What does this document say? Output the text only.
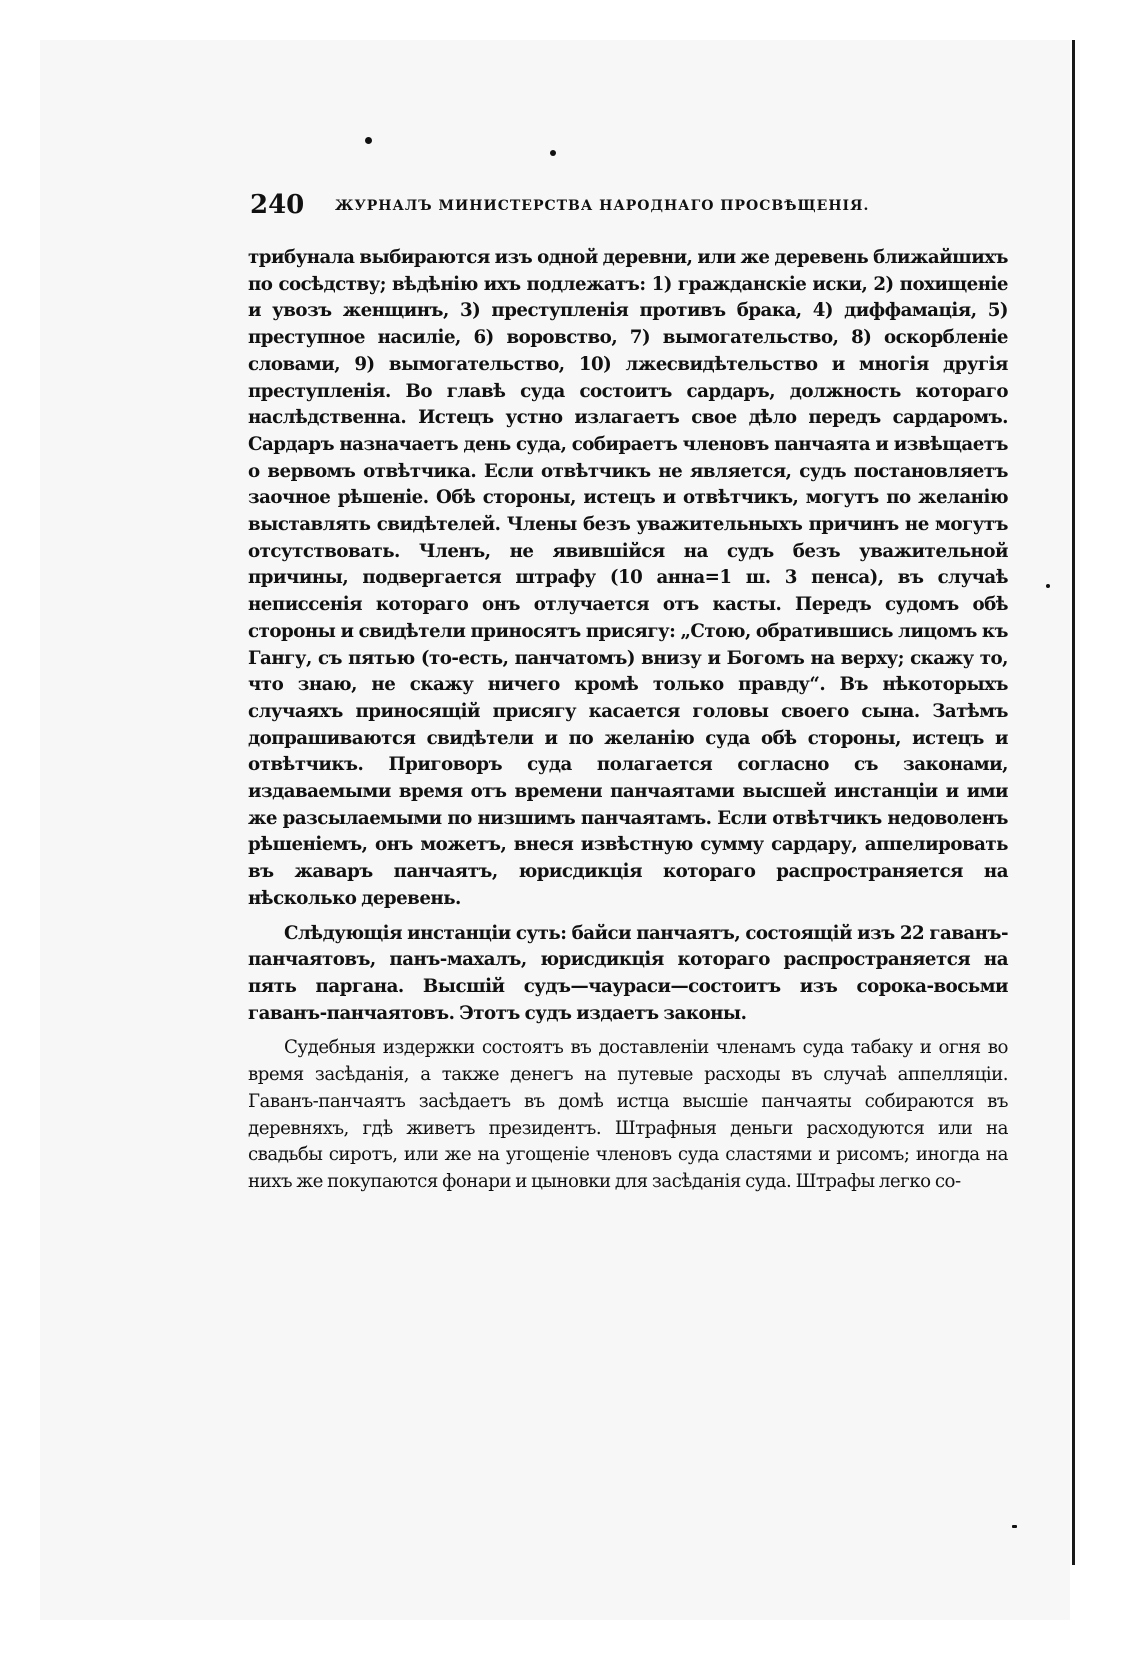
240 ЖУРНАЛЪ МИНИСТЕРСТВА НАРОДНАГО ПРОСВѢЩЕНІЯ.

трибунала выбираются изъ одной деревни, или же деревень ближайшихъ по сосѣдству; вѣдѣнію ихъ подлежатъ: 1) гражданскіе иски, 2) похищеніе и увозъ женщинъ, 3) преступленія противъ брака, 4) диффамація, 5) преступное насиліе, 6) воровство, 7) вымогательство, 8) оскорбленіе словами, 9) вымогательство, 10) лжесвидѣтельство и многія другія преступленія. Во главѣ суда состоитъ сардаръ, должность котораго наслѣдственна. Истецъ устно излагаетъ свое дѣло передъ сардаромъ. Сардаръ назначаетъ день суда, собираетъ членовъ панчаята и извѣщаетъ о вервомъ отвѣтчика. Если отвѣтчикъ не является, судъ постановляетъ заочное рѣшеніе. Обѣ стороны, истецъ и отвѣтчикъ, могутъ по желанію выставлять свидѣтелей. Члены безъ уважительныхъ причинъ не могутъ отсутствовать. Членъ, не явившійся на судъ безъ уважительной причины, подвергается штрафу (10 анна=1 ш. 3 пенса), въ случаѣ неписсенія котораго онъ отлучается отъ касты. Передъ судомъ обѣ стороны и свидѣтели приносятъ присягу: „Стою, обратившись лицомъ къ Гангу, съ пятью (то-есть, панчатомъ) внизу и Богомъ на верху; скажу то, что знаю, не скажу ничего кромѣ только правду“. Въ нѣкоторыхъ случаяхъ приносящій присягу касается головы своего сына. Затѣмъ допрашиваются свидѣтели и по желанію суда обѣ стороны, истецъ и отвѣтчикъ. Приговоръ суда полагается согласно съ законами, издаваемыми время отъ времени панчаятами высшей инстанціи и ими же разсылаемыми по низшимъ панчаятамъ. Если отвѣтчикъ недоволенъ рѣшеніемъ, онъ можетъ, внеся извѣстную сумму сардару, аппелировать въ жаваръ панчаятъ, юрисдикція котораго распространяется на нѣсколько деревень.

Слѣдующія инстанціи суть: байси панчаятъ, состоящій изъ 22 гаванъ-панчаятовъ, панъ-махалъ, юрисдикція котораго распространяется на пять паргана. Высшій судъ—чаураси—состоитъ изъ сорока-восьми гаванъ-панчаятовъ. Этотъ судъ издаетъ законы.

Судебныя издержки состоятъ въ доставленіи членамъ суда табаку и огня во время засѣданія, а также денегъ на путевые расходы въ случаѣ аппелляціи. Гаванъ-панчаятъ засѣдаетъ въ домѣ истца высшіе панчаяты собираются въ деревняхъ, гдѣ живетъ президентъ. Штрафныя деньги расходуются или на свадьбы сиротъ, или же на угощеніе членовъ суда сластями и рисомъ; иногда на нихъ же покупаются фонари и цыновки для засѣданія суда. Штрафы легко со-
